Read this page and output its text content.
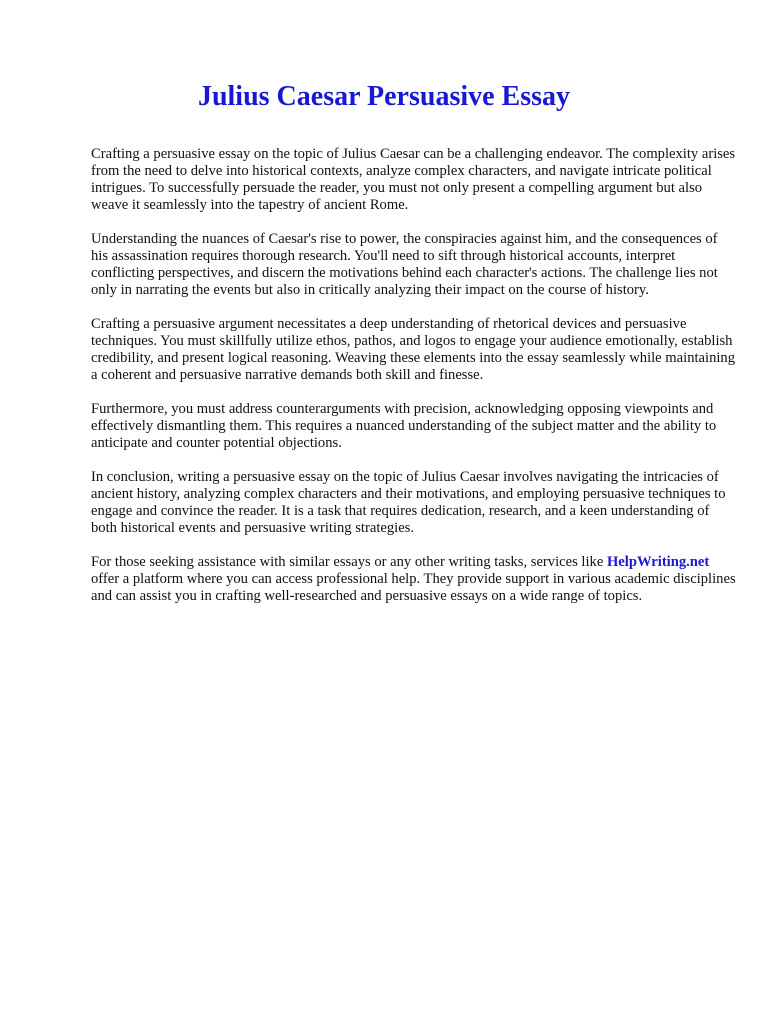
Julius Caesar Persuasive Essay

Crafting a persuasive essay on the topic of Julius Caesar can be a challenging endeavor. The complexity arises from the need to delve into historical contexts, analyze complex characters, and navigate intricate political intrigues. To successfully persuade the reader, you must not only present a compelling argument but also weave it seamlessly into the tapestry of ancient Rome.

Understanding the nuances of Caesar's rise to power, the conspiracies against him, and the consequences of his assassination requires thorough research. You'll need to sift through historical accounts, interpret conflicting perspectives, and discern the motivations behind each character's actions. The challenge lies not only in narrating the events but also in critically analyzing their impact on the course of history.

Crafting a persuasive argument necessitates a deep understanding of rhetorical devices and persuasive techniques. You must skillfully utilize ethos, pathos, and logos to engage your audience emotionally, establish credibility, and present logical reasoning. Weaving these elements into the essay seamlessly while maintaining a coherent and persuasive narrative demands both skill and finesse.

Furthermore, you must address counterarguments with precision, acknowledging opposing viewpoints and effectively dismantling them. This requires a nuanced understanding of the subject matter and the ability to anticipate and counter potential objections.

In conclusion, writing a persuasive essay on the topic of Julius Caesar involves navigating the intricacies of ancient history, analyzing complex characters and their motivations, and employing persuasive techniques to engage and convince the reader. It is a task that requires dedication, research, and a keen understanding of both historical events and persuasive writing strategies.

For those seeking assistance with similar essays or any other writing tasks, services like HelpWriting.net offer a platform where you can access professional help. They provide support in various academic disciplines and can assist you in crafting well-researched and persuasive essays on a wide range of topics.
